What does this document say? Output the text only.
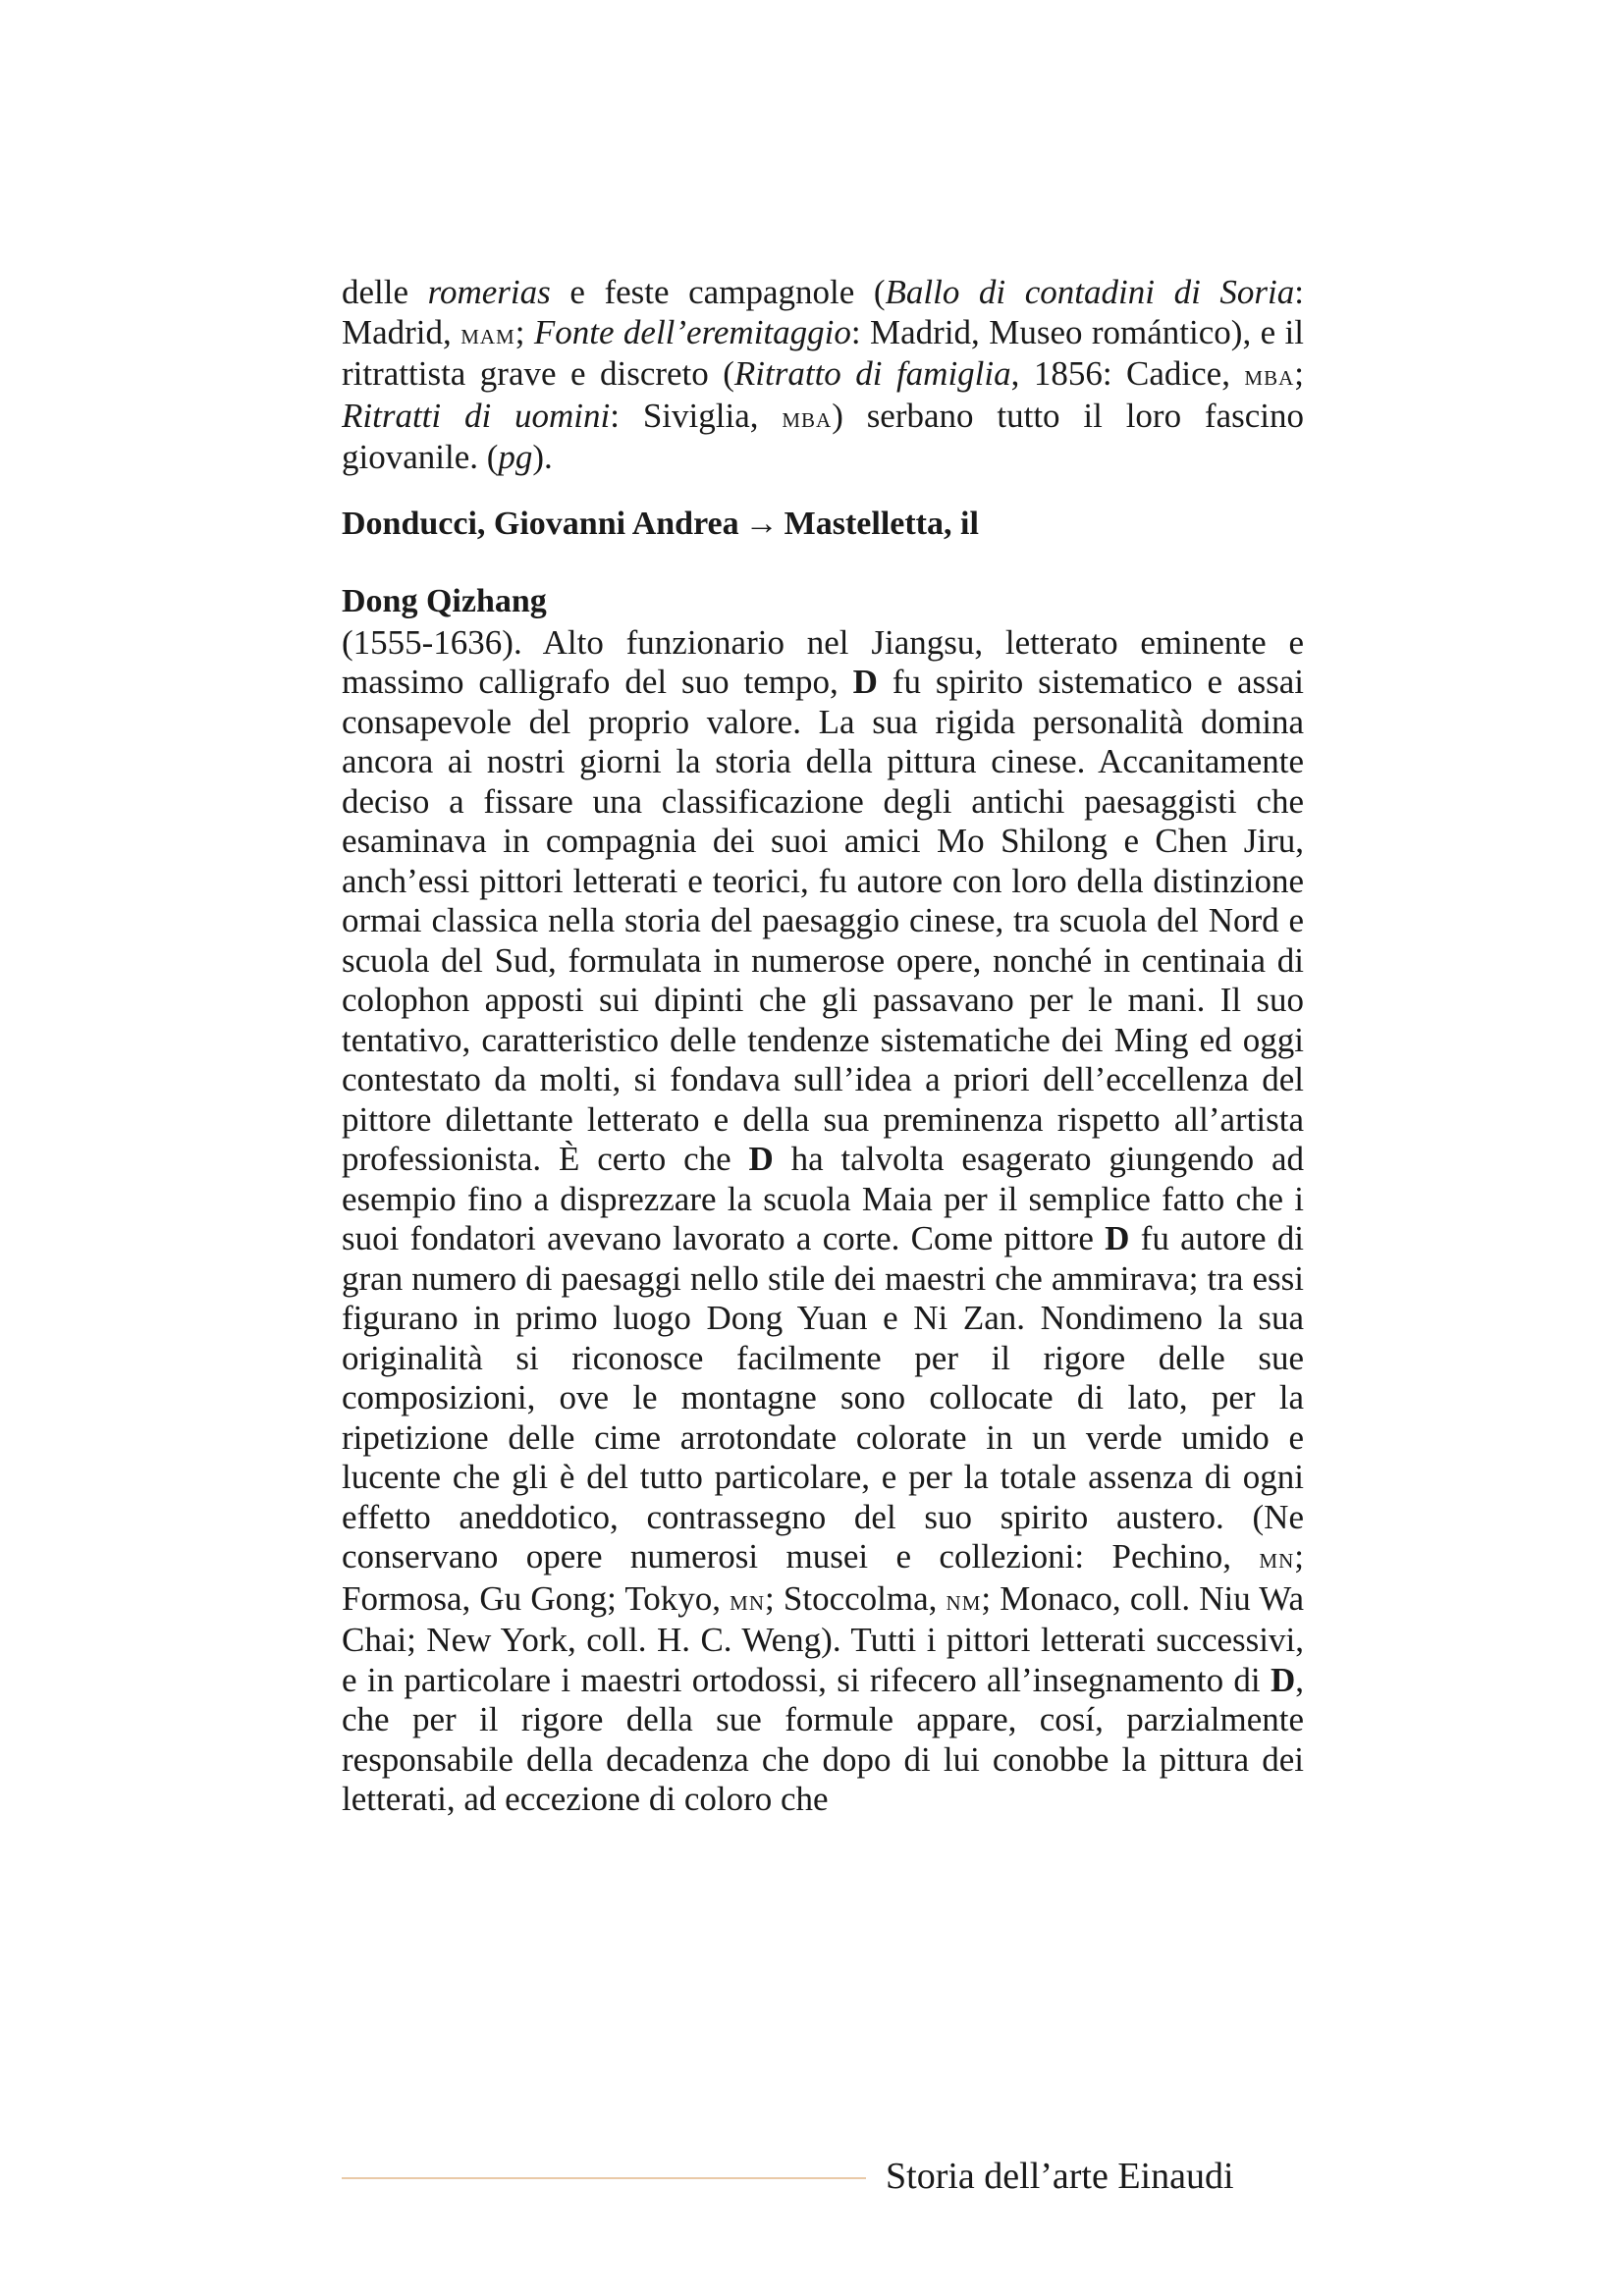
delle romerias e feste campagnole (Ballo di contadini di Soria: Madrid, mam; Fonte dell’eremitaggio: Madrid, Museo romántico), e il ritrattista grave e discreto (Ritratto di famiglia, 1856: Cadice, mba; Ritratti di uomini: Siviglia, mba) serbano tutto il loro fascino giovanile. (pg).

Donducci, Giovanni Andrea → Mastelletta, il

Dong Qizhang

(1555-1636). Alto funzionario nel Jiangsu, letterato eminente e massimo calligrafo del suo tempo, D fu spirito sistematico e assai consapevole del proprio valore. La sua rigida personalità domina ancora ai nostri giorni la storia della pittura cinese. Accanitamente deciso a fissare una classificazione degli antichi paesaggisti che esaminava in compagnia dei suoi amici Mo Shilong e Chen Jiru, anch’essi pittori letterati e teorici, fu autore con loro della distinzione ormai classica nella storia del paesaggio cinese, tra scuola del Nord e scuola del Sud, formulata in numerose opere, nonché in centinaia di colophon apposti sui dipinti che gli passavano per le mani. Il suo tentativo, caratteristico delle tendenze sistematiche dei Ming ed oggi contestato da molti, si fondava sull’idea a priori dell’eccellenza del pittore dilettante letterato e della sua preminenza rispetto all’artista professionista. È certo che D ha talvolta esagerato giungendo ad esempio fino a disprezzare la scuola Maia per il semplice fatto che i suoi fondatori avevano lavorato a corte. Come pittore D fu autore di gran numero di paesaggi nello stile dei maestri che ammirava; tra essi figurano in primo luogo Dong Yuan e Ni Zan. Nondimeno la sua originalità si riconosce facilmente per il rigore delle sue composizioni, ove le montagne sono collocate di lato, per la ripetizione delle cime arrotondate colorate in un verde umido e lucente che gli è del tutto particolare, e per la totale assenza di ogni effetto aneddotico, contrassegno del suo spirito austero. (Ne conservano opere numerosi musei e collezioni: Pechino, mn; Formosa, Gu Gong; Tokyo, mn; Stoccolma, nm; Monaco, coll. Niu Wa Chai; New York, coll. H. C. Weng). Tutti i pittori letterati successivi, e in particolare i maestri ortodossi, si rifecero all’insegnamento di D, che per il rigore della sue formule appare, cosí, parzialmente responsabile della decadenza che dopo di lui conobbe la pittura dei letterati, ad eccezione di coloro che

Storia dell’arte Einaudi
